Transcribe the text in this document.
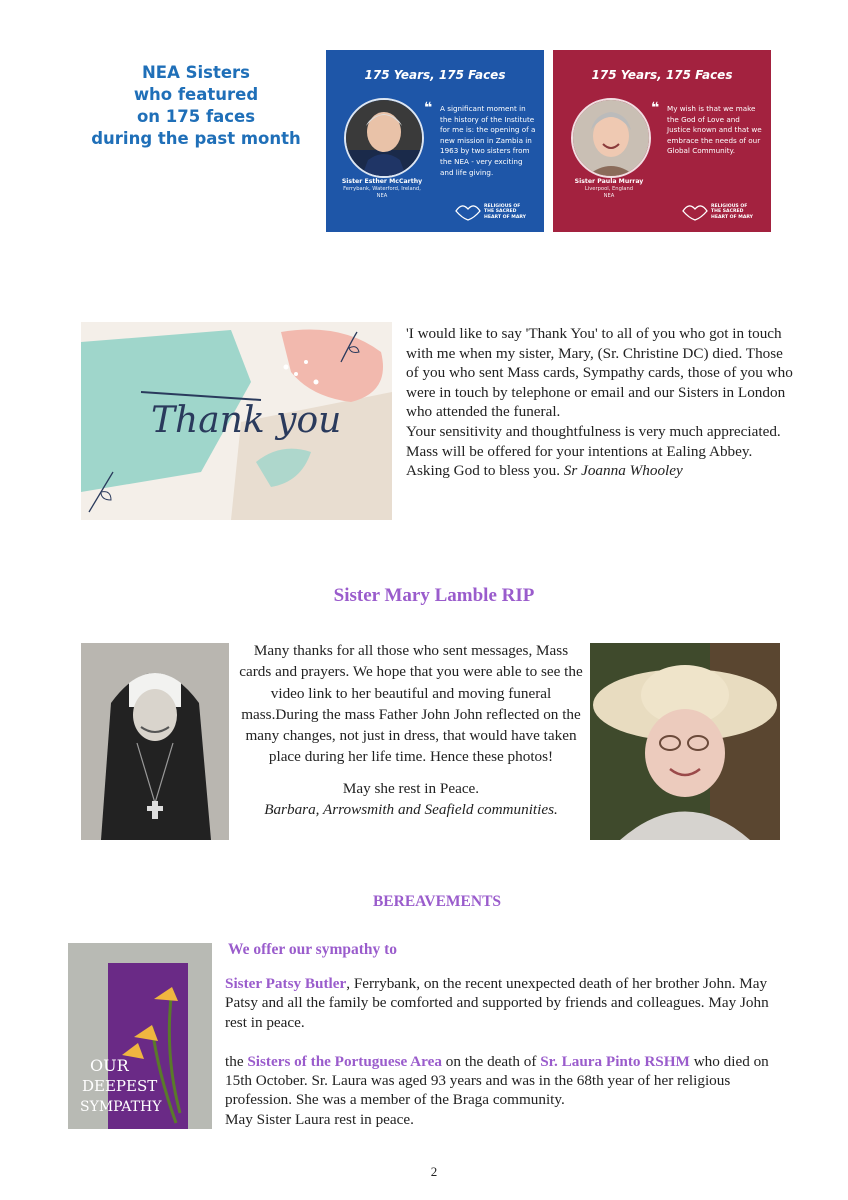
NEA Sisters
who featured
on 175 faces
during the past month
175 Years, 175 Faces
❝ A significant moment in the history of the Institute for me is: the opening of a new mission in Zambia in 1963 by two sisters from the NEA - very exciting and life giving.
Sister Esther McCarthy
Ferrybank, Waterford, Ireland,
NEA
RELIGIOUS OF
THE SACRED
HEART OF MARY
175 Years, 175 Faces
❝ My wish is that we make the God of Love and Justice known and that we embrace the needs of our Global Community.
Sister Paula Murray
Liverpool, England
NEA
RELIGIOUS OF
THE SACRED
HEART OF MARY
Thank you

'I would like to say 'Thank You' to all of you who got in touch with me when my sister, Mary, (Sr. Christine DC) died. Those of you who sent Mass cards, Sympathy cards, those of you who were in touch by telephone or email and our Sisters in London who attended the funeral.

Your sensitivity and thoughtfulness is very much appreciated. Mass will be offered for your intentions at Ealing Abbey.

Asking God to bless you. Sr Joanna Whooley

Sister Mary Lamble RIP

Many thanks for all those who sent messages, Mass cards and prayers. We hope that you were able to see the video link to her beautiful and moving funeral mass.During the mass Father John John reflected on the many changes, not just in dress, that would have taken place during her life time. Hence these photos!

May she rest in Peace.

Barbara, Arrowsmith and Seafield communities.

BEREAVEMENTS
OUR
DEEPEST
SYMPATHY
We offer our sympathy to

Sister Patsy Butler, Ferrybank, on the recent unexpected death of her brother John. May Patsy and all the family be comforted and supported by friends and colleagues. May John rest in peace.

the Sisters of the Portuguese Area on the death of Sr. Laura Pinto RSHM who died on 15th October. Sr. Laura was aged 93 years and was in the 68th year of her religious profession. She was a member of the Braga community.

May Sister Laura rest in peace.

2
